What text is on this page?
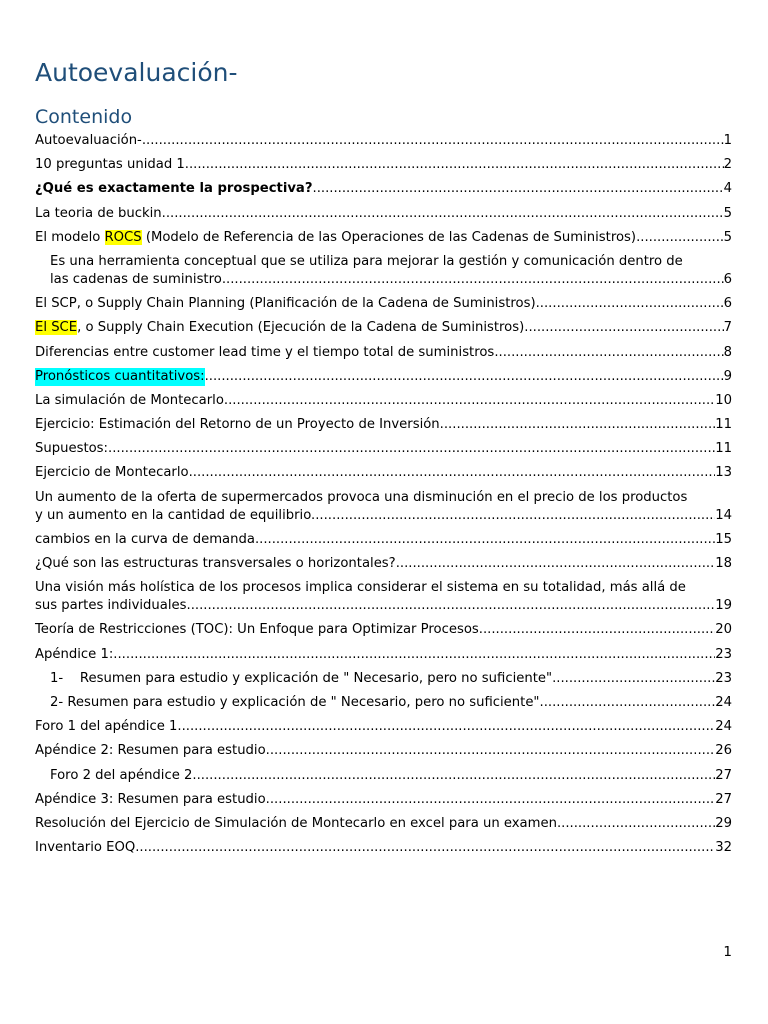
Autoevaluación-
Contenido
Autoevaluación- .....	1
10 preguntas unidad 1 .....	2
¿Qué es exactamente la prospectiva? .....	4
La teoria de buckin .....	5
El modelo ROCS (Modelo de Referencia de las Operaciones de las Cadenas de Suministros) .....	5
Es una herramienta conceptual que se utiliza para mejorar la gestión y comunicación dentro de
las cadenas de suministro .....	6
El SCP, o Supply Chain Planning (Planificación de la Cadena de Suministros) .....	6
El SCE, o Supply Chain Execution (Ejecución de la Cadena de Suministros) .....	7
Diferencias entre customer lead time y el tiempo total de suministros .....	8
Pronósticos cuantitativos: .....	9
La simulación de Montecarlo .....	10
Ejercicio: Estimación del Retorno de un Proyecto de Inversión .....	11
Supuestos: .....	11
Ejercicio de Montecarlo .....	13
Un aumento de la oferta de supermercados provoca una disminución en el precio de los productos
y un aumento en la cantidad de equilibrio. .....	14
cambios en la curva de demanda .....	15
¿Qué son las estructuras transversales o horizontales? .....	18
Una visión más holística de los procesos implica considerar el sistema en su totalidad, más allá de
sus partes individuales .....	19
Teoría de Restricciones (TOC): Un Enfoque para Optimizar Procesos .....	20
Apéndice 1: .....	23
1-    Resumen para estudio y explicación de " Necesario, pero no suficiente". .....	23
2- Resumen para estudio y explicación de " Necesario, pero no suficiente". .....	24
Foro 1 del apéndice 1 .....	24
Apéndice 2: Resumen para estudio .....	26
Foro 2 del apéndice 2 .....	27
Apéndice 3: Resumen para estudio .....	27
Resolución del Ejercicio de Simulación de Montecarlo en excel para un examen .....	29
Inventario EOQ .....	32
1
